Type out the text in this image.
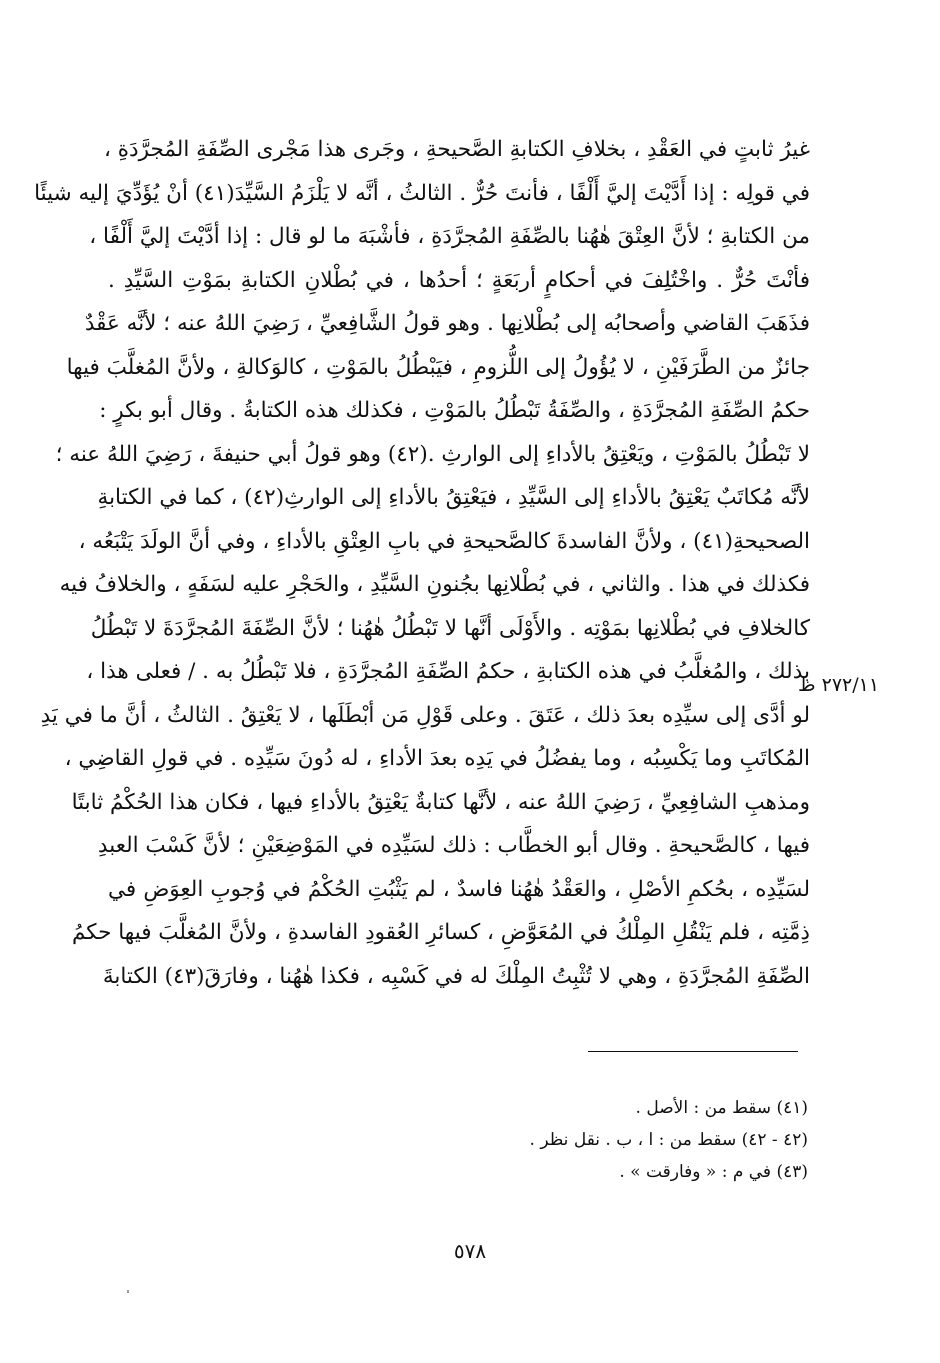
غيرُ ثابتٍ في العَقْدِ ، بخلافِ الكتابةِ الصَّحيحةِ ، وجَرى هذا مَجْرى الصِّفَةِ المُجرَّدَةِ ،
في قولِه : إذا أَدَّيْتَ إليَّ أَلْفًا ، فأنتَ حُرٌّ . الثالثُ ، أنَّه لا يَلْزَمُ السَّيِّدَ(٤١) أنْ يُؤَدِّيَ إليه شيئًا
من الكتابةِ ؛ لأنَّ العِتْقَ هٰهُنا بالصِّفَةِ المُجرَّدَةِ ، فأشْبَهَ ما لو قال : إذا أدَّيْتَ إليَّ أَلْفًا ،
فأنْتَ حُرٌّ . واخْتُلِفَ في أحكامٍ أربَعَةٍ ؛ أحدُها ، في بُطْلانِ الكتابةِ بمَوْتِ السَّيِّدِ .
فذَهَبَ القاضي وأصحابُه إلى بُطْلانِها . وهو قولُ الشَّافِعيِّ ، رَضِيَ اللهُ عنه ؛ لأنَّه عَقْدٌ
جائزٌ من الطَّرَفَيْنِ ، لا يُؤُولُ إلى اللُّزومِ ، فيَبْطُلُ بالمَوْتِ ، كالوَكالةِ ، ولأنَّ المُغلَّبَ فيها
حكمُ الصِّفَةِ المُجرَّدَةِ ، والصِّفَةُ تَبْطُلُ بالمَوْتِ ، فكذلك هذه الكتابةُ . وقال أبو بكرٍ :
لا تَبْطُلُ بالمَوْتِ ، ويَعْتِقُ بالأداءِ إلى الوارثِ .(٤٢) وهو قولُ أبي حنيفةَ ، رَضِيَ اللهُ عنه ؛
لأنَّه مُكاتَبٌ يَعْتِقُ بالأداءِ إلى السَّيِّدِ ، فيَعْتِقُ بالأداءِ إلى الوارثِ(٤٢) ، كما في الكتابةِ
الصحيحةِ(٤١) ، ولأنَّ الفاسدةَ كالصَّحيحةِ في بابِ العِتْقِ بالأداءِ ، وفي أنَّ الولَدَ يَتْبَعُه ،
فكذلك في هذا . والثاني ، في بُطْلانِها بجُنونِ السَّيِّدِ ، والحَجْرِ عليه لسَفَهٍ ، والخلافُ فيه
كالخلافِ في بُطْلانِها بمَوْتِه . والأَوْلَى أنَّها لا تَبْطُلُ هٰهُنا ؛ لأنَّ الصِّفَةَ المُجرَّدَةَ لا تَبْطُلُ
بذلك ، والمُغلَّبُ في هذه الكتابةِ ، حكمُ الصِّفَةِ المُجرَّدَةِ ، فلا تَبْطُلُ به . / فعلى هذا ،
لو أدَّى إلى سيِّدِه بعدَ ذلك ، عَتَقَ . وعلى قَوْلِ مَن أبْطَلَها ، لا يَعْتِقُ . الثالثُ ، أنَّ ما في يَدِ
المُكاتَبِ وما يَكْسِبُه ، وما يفضُلُ في يَدِه بعدَ الأداءِ ، له دُونَ سَيِّدِه . في قولِ القاضِي ،
ومذهبِ الشافِعِيِّ ، رَضِيَ اللهُ عنه ، لأنَّها كتابةٌ يَعْتِقُ بالأداءِ فيها ، فكان هذا الحُكْمُ ثابتًا
فيها ، كالصَّحيحةِ . وقال أبو الخطَّاب : ذلك لسَيِّدِه في المَوْضِعَيْنِ ؛ لأنَّ كَسْبَ العبدِ
لسَيِّدِه ، بحُكمِ الأصْلِ ، والعَقْدُ هٰهُنا فاسدٌ ، لم يَثْبُتِ الحُكْمُ في وُجوبِ العِوَضِ في
ذِمَّتِه ، فلم يَنْقُلِ المِلْكُ في المُعَوَّضِ ، كسائرِ العُقودِ الفاسدةِ ، ولأنَّ المُغلَّبَ فيها حكمُ
الصِّفَةِ المُجرَّدَةِ ، وهي لا تُثْبِتُ المِلْكَ له في كَسْبِه ، فكذا هٰهُنا ، وفارَقَ(٤٣) الكتابةَ
٢٧٢/١١ ظ
(٤١) سقط من : الأصل .
(٤٢ - ٤٢) سقط من : ا ، ب . نقل نظر .
(٤٣) في م : « وفارقت » .
٥٧٨
